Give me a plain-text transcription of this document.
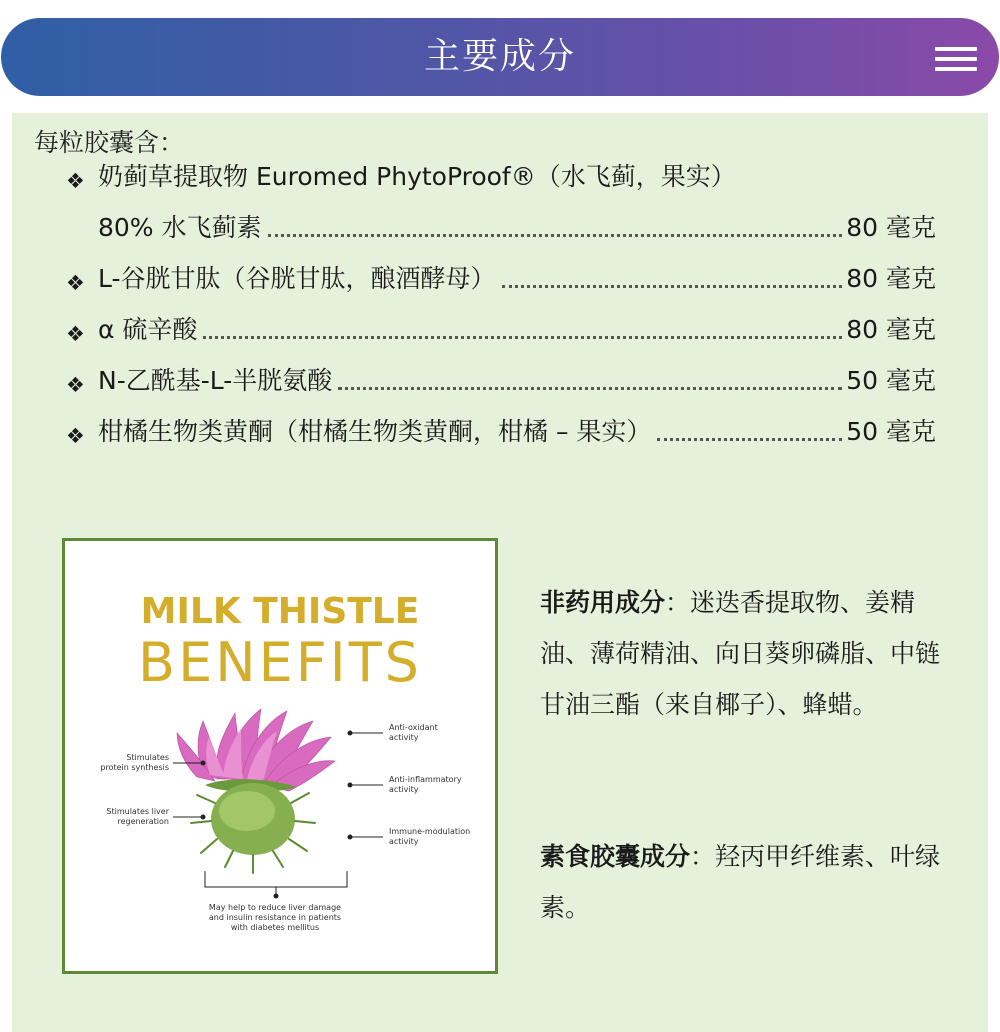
主要成分
每粒胶囊含：
❖ 奶蓟草提取物 Euromed PhytoProof®（水飞蓟，果实）
80% 水飞蓟素	80 毫克
❖ L-谷胱甘肽（谷胱甘肽，酿酒酵母）	80 毫克
❖ α 硫辛酸	80 毫克
❖ N-乙酰基-L-半胱氨酸	50 毫克
❖ 柑橘生物类黄酮（柑橘生物类黄酮，柑橘 – 果实）	50 毫克
MILK THISTLE
BENEFITS
Anti-oxidant
activity
Anti-inflammatory
activity
Immune-modulation
activity
Stimulates
protein synthesis
Stimulates liver
regeneration
May help to reduce liver damage
and insulin resistance in patients
with diabetes mellitus
非药用成分：迷迭香提取物、姜精油、薄荷精油、向日葵卵磷脂、中链甘油三酯（来自椰子）、蜂蜡。
素食胶囊成分：羟丙甲纤维素、叶绿素。
